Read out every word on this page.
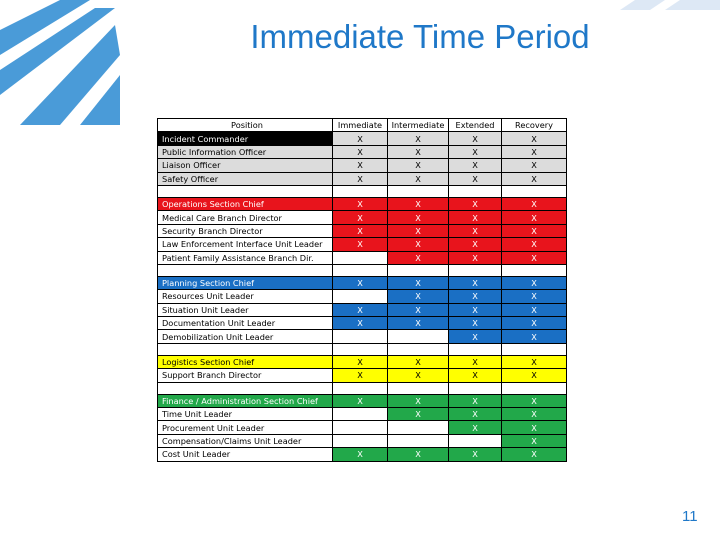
Immediate Time Period
Position	Immediate	Intermediate	Extended	Recovery
Incident Commander	X	X	X	X
Public Information Officer	X	X	X	X
Liaison Officer	X	X	X	X
Safety Officer	X	X	X	X

Operations Section Chief	X	X	X	X
Medical Care Branch Director	X	X	X	X
Security Branch Director	X	X	X	X
Law Enforcement Interface Unit Leader	X	X	X	X
Patient Family Assistance Branch Dir.		X	X	X

Planning Section Chief	X	X	X	X
Resources Unit Leader		X	X	X
Situation Unit Leader	X	X	X	X
Documentation Unit Leader	X	X	X	X
Demobilization Unit Leader			X	X

Logistics Section Chief	X	X	X	X
Support Branch Director	X	X	X	X

Finance / Administration Section Chief	X	X	X	X
Time Unit Leader		X	X	X
Procurement Unit Leader			X	X
Compensation/Claims Unit Leader				X
Cost Unit Leader	X	X	X	X
11
